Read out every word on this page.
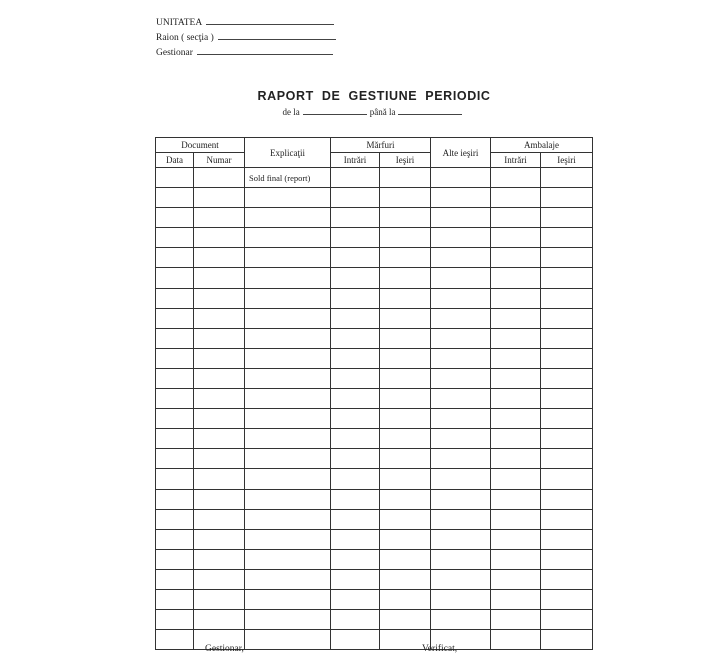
UNITATEA
Raion ( secţia )
Gestionar
RAPORT DE GESTIUNE PERIODIC
de la	până la
Document		Explicaţii	Mărfuri		Alte ieşiri	Ambalaje	
Data	Numar		Intrări	Ieşiri		Intrări	Ieşiri
		Sold final (report)					

Gestionar,	Verificat,
